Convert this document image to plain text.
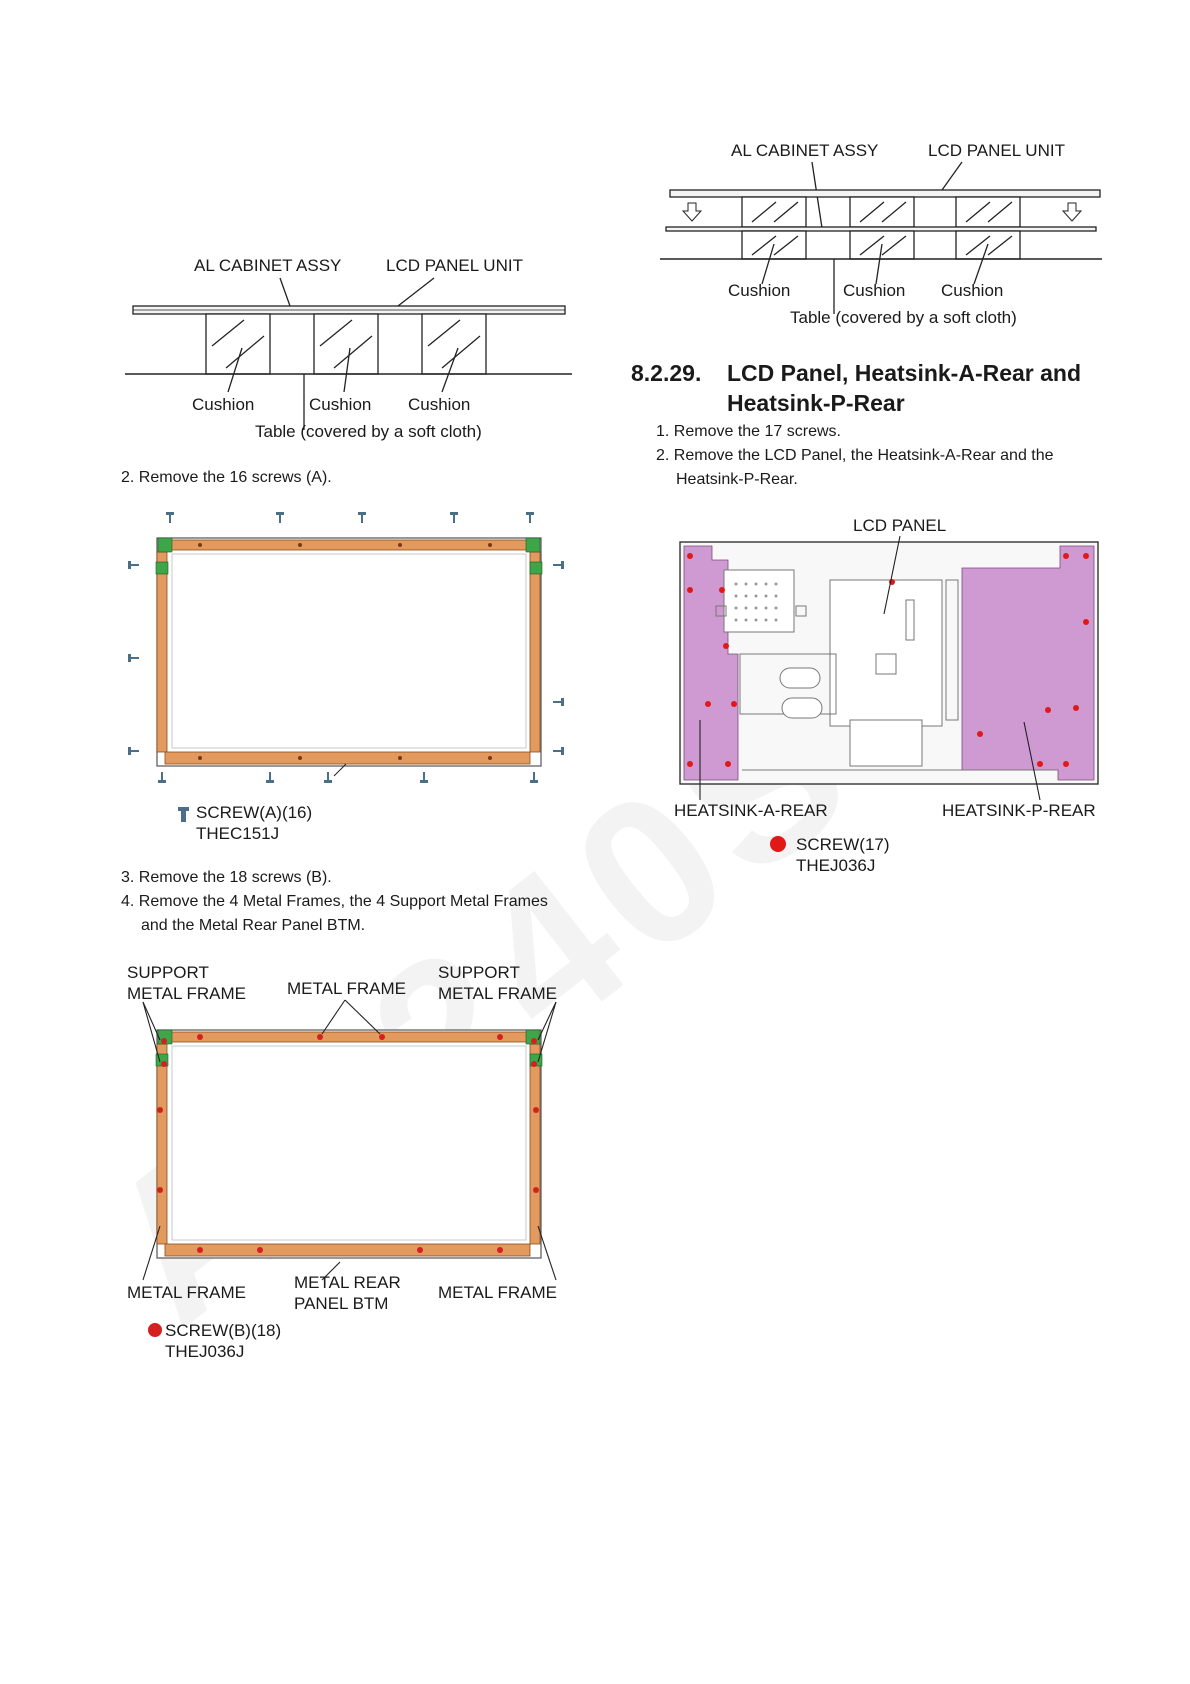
AL CABINET ASSY	LCD PANEL UNIT
Cushion	Cushion Cushion
Table (covered by a soft cloth)
2. Remove the 16 screws (A).
SCREW(A)(16)
THEC151J
3. Remove the 18 screws (B).
4. Remove the 4 Metal Frames, the 4 Support Metal Frames
and the Metal Rear Panel BTM.
SUPPORT
METAL FRAME METAL FRAME
SUPPORT
METAL FRAME
METAL FRAME
METAL REAR
PANEL BTM
METAL FRAME
SCREW(B)(18)
THEJ036J
AL CABINET ASSY	LCD PANEL UNIT
Cushion	Cushion Cushion
Table (covered by a soft cloth)
8.2.29. LCD Panel, Heatsink-A-Rear and
Heatsink-P-Rear
1. Remove the 17 screws.
2. Remove the LCD Panel, the Heatsink-A-Rear and the
Heatsink-P-Rear.
LCD PANEL
HEATSINK-A-REAR	HEATSINK-P-REAR
SCREW(17)
THEJ036J
